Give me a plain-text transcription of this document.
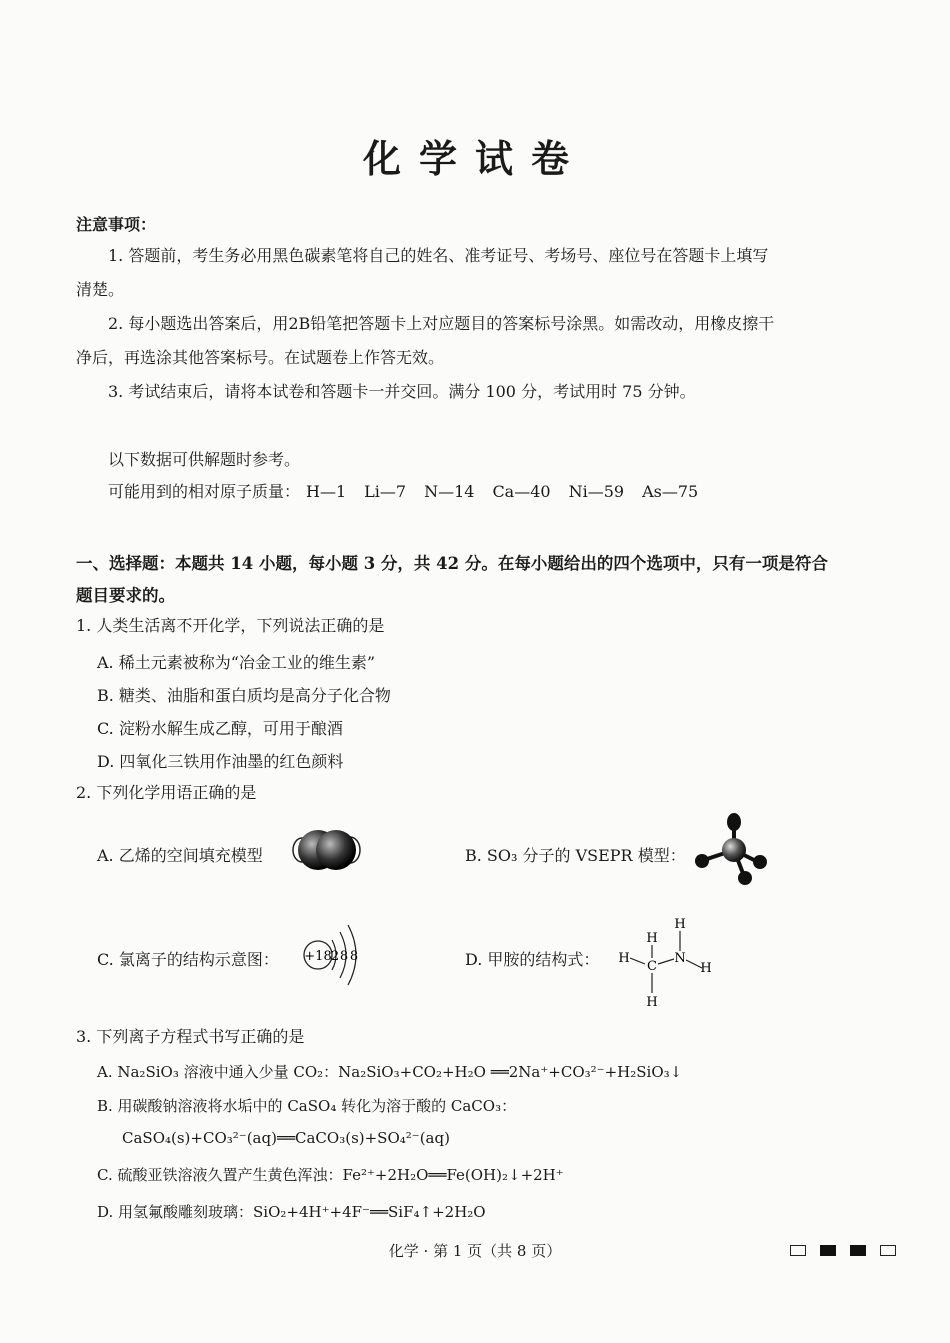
化学试卷
注意事项：
1. 答题前，考生务必用黑色碳素笔将自己的姓名、准考证号、考场号、座位号在答题卡上填写
清楚。
2. 每小题选出答案后，用2B铅笔把答题卡上对应题目的答案标号涂黑。如需改动，用橡皮擦干
净后，再选涂其他答案标号。在试题卷上作答无效。
3. 考试结束后，请将本试卷和答题卡一并交回。满分 100 分，考试用时 75 分钟。
以下数据可供解题时参考。
可能用到的相对原子质量： H—1 Li—7 N—14 Ca—40 Ni—59 As—75
一、选择题：本题共 14 小题，每小题 3 分，共 42 分。在每小题给出的四个选项中，只有一项是符合
题目要求的。
1. 人类生活离不开化学，下列说法正确的是
A. 稀土元素被称为“冶金工业的维生素”
B. 糖类、油脂和蛋白质均是高分子化合物
C. 淀粉水解生成乙醇，可用于酿酒
D. 四氧化三铁用作油墨的红色颜料
2. 下列化学用语正确的是
A. 乙烯的空间填充模型	B. SO₃ 分子的 VSEPR 模型：
C. 氯离子的结构示意图： +18 2 8 8	D. 甲胺的结构式：
H
H
H
H
H
C
N
3. 下列离子方程式书写正确的是
A. Na₂SiO₃ 溶液中通入少量 CO₂：Na₂SiO₃+CO₂+H₂O ══2Na⁺+CO₃²⁻+H₂SiO₃↓
B. 用碳酸钠溶液将水垢中的 CaSO₄ 转化为溶于酸的 CaCO₃：
CaSO₄(s)+CO₃²⁻(aq)══CaCO₃(s)+SO₄²⁻(aq)
C. 硫酸亚铁溶液久置产生黄色浑浊：Fe²⁺+2H₂O══Fe(OH)₂↓+2H⁺
D. 用氢氟酸雕刻玻璃：SiO₂+4H⁺+4F⁻══SiF₄↑+2H₂O
化学 · 第 1 页（共 8 页）
